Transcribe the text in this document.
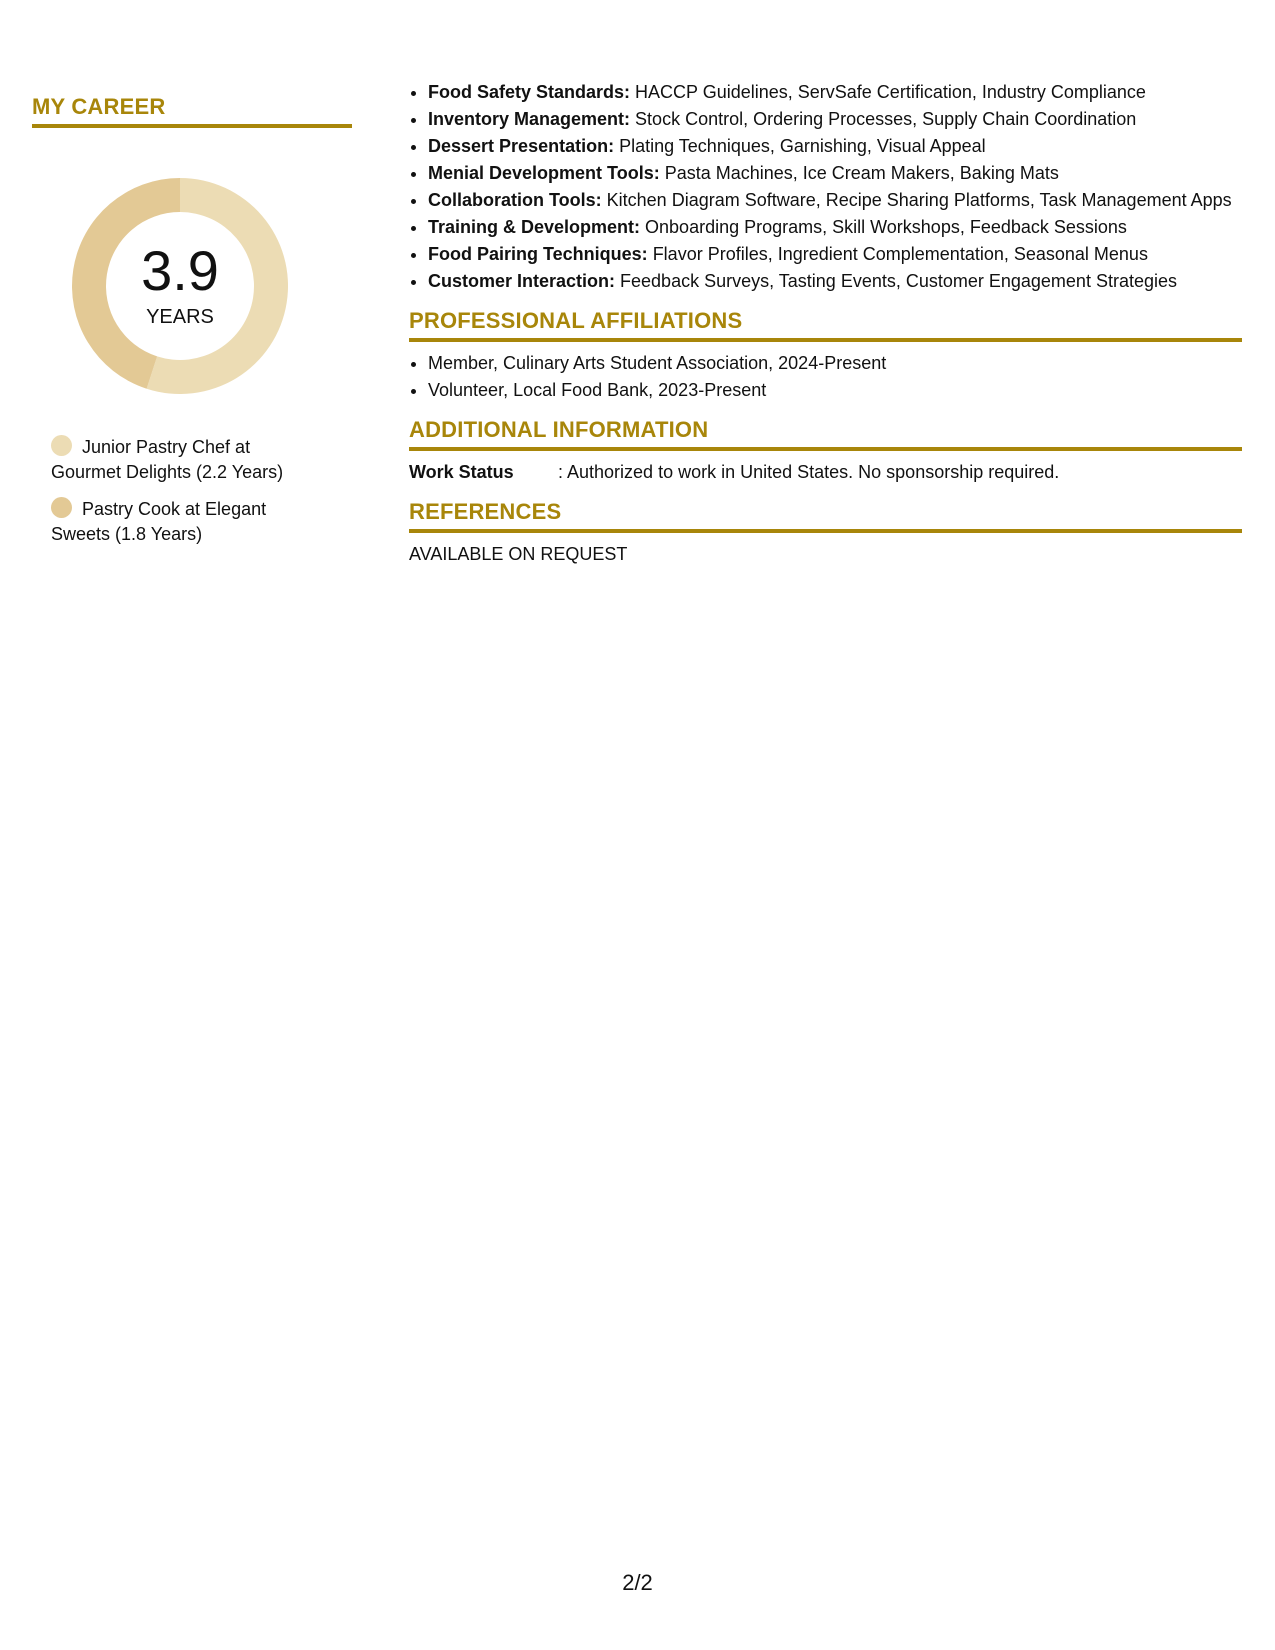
MY CAREER
3.9
YEARS
Junior Pastry Chef at Gourmet Delights (2.2 Years)
Pastry Cook at Elegant Sweets (1.8 Years)
• Food Safety Standards: HACCP Guidelines, ServSafe Certification, Industry Compliance
• Inventory Management: Stock Control, Ordering Processes, Supply Chain Coordination
• Dessert Presentation: Plating Techniques, Garnishing, Visual Appeal
• Menial Development Tools: Pasta Machines, Ice Cream Makers, Baking Mats
• Collaboration Tools: Kitchen Diagram Software, Recipe Sharing Platforms, Task Management Apps
• Training & Development: Onboarding Programs, Skill Workshops, Feedback Sessions
• Food Pairing Techniques: Flavor Profiles, Ingredient Complementation, Seasonal Menus
• Customer Interaction: Feedback Surveys, Tasting Events, Customer Engagement Strategies
PROFESSIONAL AFFILIATIONS
• Member, Culinary Arts Student Association, 2024-Present
• Volunteer, Local Food Bank, 2023-Present
ADDITIONAL INFORMATION
Work Status	: Authorized to work in United States. No sponsorship required.
REFERENCES
AVAILABLE ON REQUEST
2/2
